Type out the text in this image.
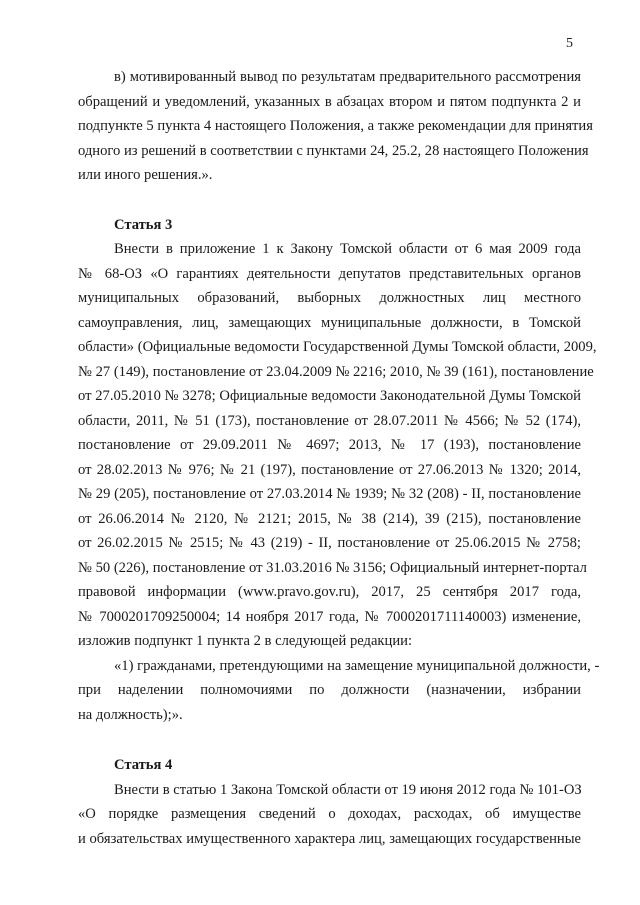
5

в) мотивированный вывод по результатам предварительного рассмотрения
обращений и уведомлений, указанных в абзацах втором и пятом подпункта 2 и
подпункте 5 пункта 4 настоящего Положения, а также рекомендации для принятия
одного из решений в соответствии с пунктами 24, 25.2, 28 настоящего Положения
или иного решения.».

Статья 3

Внести в приложение 1 к Закону Томской области от 6 мая 2009 года
№ 68-ОЗ «О гарантиях деятельности депутатов представительных органов
муниципальных образований, выборных должностных лиц местного
самоуправления, лиц, замещающих муниципальные должности, в Томской
области» (Официальные ведомости Государственной Думы Томской области, 2009,
№ 27 (149), постановление от 23.04.2009 № 2216; 2010, № 39 (161), постановление
от 27.05.2010 № 3278; Официальные ведомости Законодательной Думы Томской
области, 2011, № 51 (173), постановление от 28.07.2011 № 4566; № 52 (174),
постановление от 29.09.2011 № 4697; 2013, № 17 (193), постановление
от 28.02.2013 № 976; № 21 (197), постановление от 27.06.2013 № 1320; 2014,
№ 29 (205), постановление от 27.03.2014 № 1939; № 32 (208) - II, постановление
от 26.06.2014 № 2120, № 2121; 2015, № 38 (214), 39 (215), постановление
от 26.02.2015 № 2515; № 43 (219) - II, постановление от 25.06.2015 № 2758;
№ 50 (226), постановление от 31.03.2016 № 3156; Официальный интернет-портал
правовой информации (www.pravo.gov.ru), 2017, 25 сентября 2017 года,
№ 7000201709250004; 14 ноября 2017 года, № 7000201711140003) изменение,
изложив подпункт 1 пункта 2 в следующей редакции:

«1) гражданами, претендующими на замещение муниципальной должности, -
при наделении полномочиями по должности (назначении, избрании
на должность);».

Статья 4

Внести в статью 1 Закона Томской области от 19 июня 2012 года № 101-ОЗ
«О порядке размещения сведений о доходах, расходах, об имуществе
и обязательствах имущественного характера лиц, замещающих государственные
